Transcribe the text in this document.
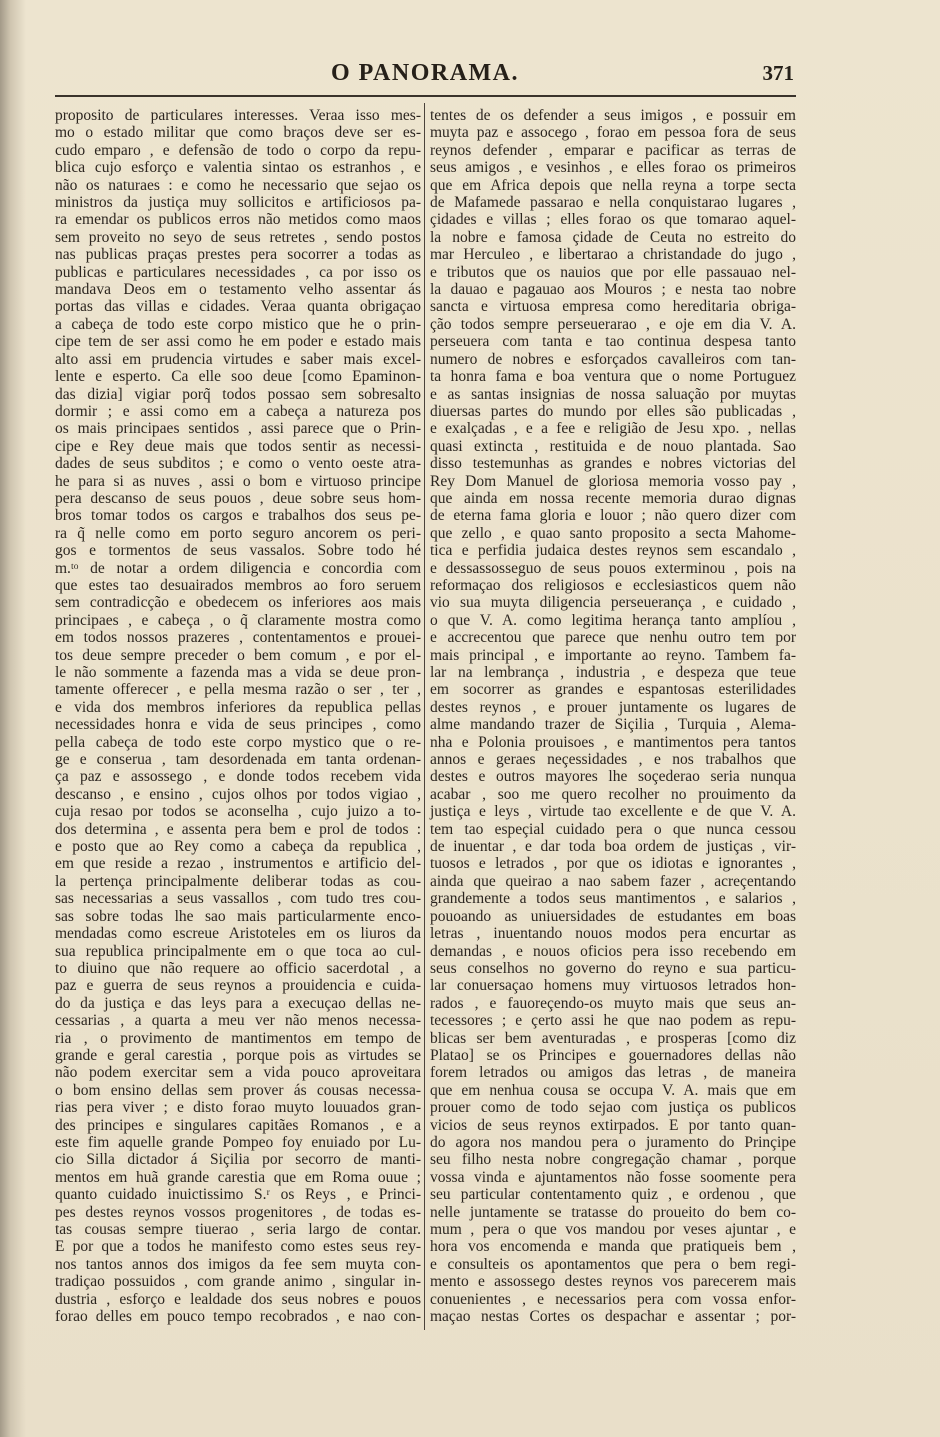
O PANORAMA.	371
proposito de particulares interesses. Veraa isso mes-
mo o estado militar que como braços deve ser es-
cudo emparo , e defensão de todo o corpo da repu-
blica cujo esforço e valentia sintao os estranhos , e
não os naturaes : e como he necessario que sejao os
ministros da justiça muy sollicitos e artificiosos pa-
ra emendar os publicos erros não metidos como maos
sem proveito no seyo de seus retretes , sendo postos
nas publicas praças prestes pera socorrer a todas as
publicas e particulares necessidades , ca por isso os
mandava Deos em o testamento velho assentar ás
portas das villas e cidades. Veraa quanta obrigaçao
a cabeça de todo este corpo mistico que he o prin-
cipe tem de ser assi como he em poder e estado mais
alto assi em prudencia virtudes e saber mais excel-
lente e esperto. Ca elle soo deue [como Epaminon-
das dizia] vigiar porq̃ todos possao sem sobresalto
dormir ; e assi como em a cabeça a natureza pos
os mais principaes sentidos , assi parece que o Prin-
cipe e Rey deue mais que todos sentir as necessi-
dades de seus subditos ; e como o vento oeste atra-
he para si as nuves , assi o bom e virtuoso principe
pera descanso de seus pouos , deue sobre seus hom-
bros tomar todos os cargos e trabalhos dos seus pe-
ra q̃ nelle como em porto seguro ancorem os peri-
gos e tormentos de seus vassalos. Sobre todo hé
m.ᵗᵒ de notar a ordem diligencia e concordia com
que estes tao desuairados membros ao foro seruem
sem contradicção e obedecem os inferiores aos mais
principaes , e cabeça , o q̃ claramente mostra como
em todos nossos prazeres , contentamentos e prouei-
tos deue sempre preceder o bem comum , e por el-
le não sommente a fazenda mas a vida se deue pron-
tamente offerecer , e pella mesma razão o ser , ter ,
e vida dos membros inferiores da republica pellas
necessidades honra e vida de seus principes , como
pella cabeça de todo este corpo mystico que o re-
ge e conserua , tam desordenada em tanta ordenan-
ça paz e assossego , e donde todos recebem vida
descanso , e ensino , cujos olhos por todos vigiao ,
cuja resao por todos se aconselha , cujo juizo a to-
dos determina , e assenta pera bem e prol de todos :
e posto que ao Rey como a cabeça da republica ,
em que reside a rezao , instrumentos e artificio del-
la pertença principalmente deliberar todas as cou-
sas necessarias a seus vassallos , com tudo tres cou-
sas sobre todas lhe sao mais particularmente enco-
mendadas como escreue Aristoteles em os liuros da
sua republica principalmente em o que toca ao cul-
to diuino que não requere ao officio sacerdotal , a
paz e guerra de seus reynos a prouidencia e cuida-
do da justiça e das leys para a execuçao dellas ne-
cessarias , a quarta a meu ver não menos necessa-
ria , o provimento de mantimentos em tempo de
grande e geral carestia , porque pois as virtudes se
não podem exercitar sem a vida pouco aproveitara
o bom ensino dellas sem prover ás cousas necessa-
rias pera viver ; e disto forao muyto louuados gran-
des principes e singulares capitães Romanos , e a
este fim aquelle grande Pompeo foy enuiado por Lu-
cio Silla dictador á Siçilia por secorro de manti-
mentos em huã grande carestia que em Roma ouue ;
quanto cuidado inuictissimo S.ʳ os Reys , e Princi-
pes destes reynos vossos progenitores , de todas es-
tas cousas sempre tiuerao , seria largo de contar.
E por que a todos he manifesto como estes seus rey-
nos tantos annos dos imigos da fee sem muyta con-
tradiçao possuidos , com grande animo , singular in-
dustria , esforço e lealdade dos seus nobres e pouos
forao delles em pouco tempo recobrados , e nao con-
tentes de os defender a seus imigos , e possuir em
muyta paz e assocego , forao em pessoa fora de seus
reynos defender , emparar e pacificar as terras de
seus amigos , e vesinhos , e elles forao os primeiros
que em Africa depois que nella reyna a torpe secta
de Mafamede passarao e nella conquistarao lugares ,
çidades e villas ; elles forao os que tomarao aquel-
la nobre e famosa çidade de Ceuta no estreito do
mar Herculeo , e libertarao a christandade do jugo ,
e tributos que os nauios que por elle passauao nel-
la dauao e pagauao aos Mouros ; e nesta tao nobre
sancta e virtuosa empresa como hereditaria obriga-
ção todos sempre perseuerarao , e oje em dia V. A.
perseuera com tanta e tao continua despesa tanto
numero de nobres e esforçados cavalleiros com tan-
ta honra fama e boa ventura que o nome Portuguez
e as santas insignias de nossa saluação por muytas
diuersas partes do mundo por elles são publicadas ,
e exalçadas , e a fee e religião de Jesu xpo. , nellas
quasi extincta , restituida e de nouo plantada. Sao
disso testemunhas as grandes e nobres victorias del
Rey Dom Manuel de gloriosa memoria vosso pay ,
que ainda em nossa recente memoria durao dignas
de eterna fama gloria e louor ; não quero dizer com
que zello , e quao santo proposito a secta Mahome-
tica e perfidia judaica destes reynos sem escandalo ,
e dessassosseguo de seus pouos exterminou , pois na
reformaçao dos religiosos e ecclesiasticos quem não
vio sua muyta diligencia perseuerança , e cuidado ,
o que V. A. como legitima herança tanto amplíou ,
e accrecentou que parece que nenhu outro tem por
mais principal , e importante ao reyno. Tambem fa-
lar na lembrança , industria , e despeza que teue
em socorrer as grandes e espantosas esterilidades
destes reynos , e prouer juntamente os lugares de
alme mandando trazer de Siçilia , Turquia , Alema-
nha e Polonia prouisoes , e mantimentos pera tantos
annos e geraes neçessidades , e nos trabalhos que
destes e outros mayores lhe soçederao seria nunqua
acabar , soo me quero recolher no prouimento da
justiça e leys , virtude tao excellente e de que V. A.
tem tao espeçial cuidado pera o que nunca cessou
de inuentar , e dar toda boa ordem de justiças , vir-
tuosos e letrados , por que os idiotas e ignorantes ,
ainda que queirao a nao sabem fazer , acreçentando
grandemente a todos seus mantimentos , e salarios ,
pouoando as uniuersidades de estudantes em boas
letras , inuentando nouos modos pera encurtar as
demandas , e nouos oficios pera isso recebendo em
seus conselhos no governo do reyno e sua particu-
lar conuersaçao homens muy virtuosos letrados hon-
rados , e fauoreçendo-os muyto mais que seus an-
tecessores ; e çerto assi he que nao podem as repu-
blicas ser bem aventuradas , e prosperas [como diz
Platao] se os Principes e gouernadores dellas não
forem letrados ou amigos das letras , de maneira
que em nenhua cousa se occupa V. A. mais que em
prouer como de todo sejao com justiça os publicos
vicios de seus reynos extirpados. E por tanto quan-
do agora nos mandou pera o juramento do Prinçipe
seu filho nesta nobre congregação chamar , porque
vossa vinda e ajuntamentos não fosse soomente pera
seu particular contentamento quiz , e ordenou , que
nelle juntamente se tratasse do proueito do bem co-
mum , pera o que vos mandou por veses ajuntar , e
hora vos encomenda e manda que pratiqueis bem ,
e consulteis os apontamentos que pera o bem regi-
mento e assossego destes reynos vos parecerem mais
conuenientes , e necessarios pera com vossa enfor-
maçao nestas Cortes os despachar e assentar ; por-
